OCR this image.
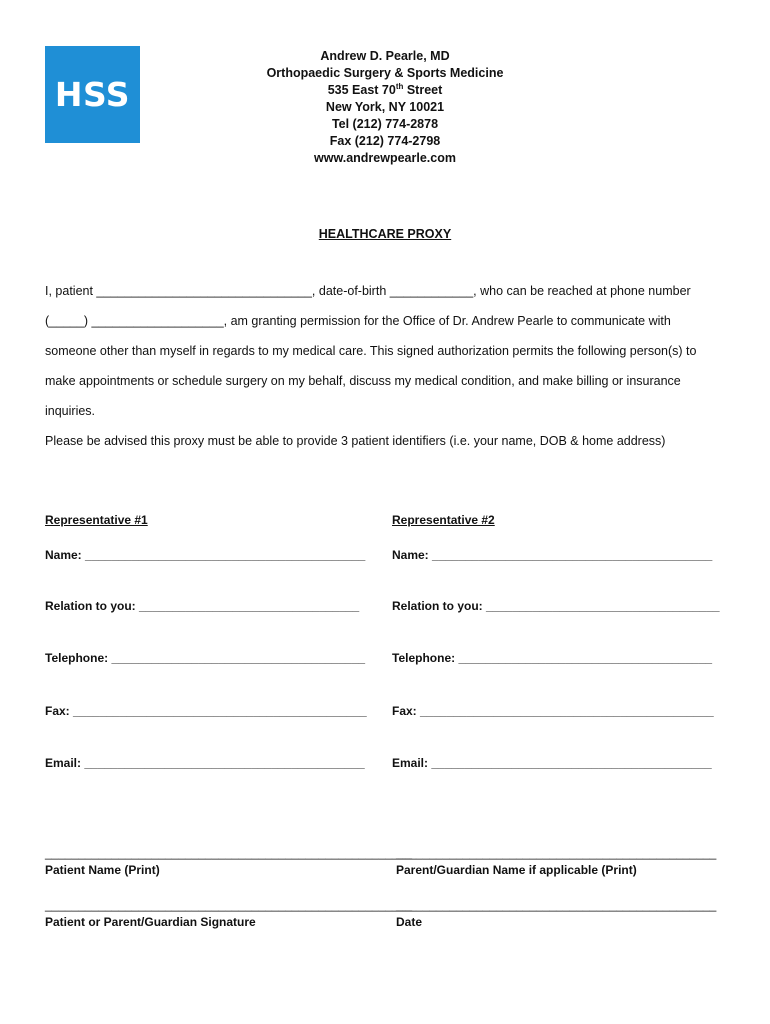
HSS
Andrew D. Pearle, MD
Orthopaedic Surgery & Sports Medicine
535 East 70th Street
New York, NY 10021
Tel (212) 774-2878
Fax (212) 774-2798
www.andrewpearle.com
HEALTHCARE PROXY
I, patient _______________________________, date-of-birth ____________, who can be reached at phone number
(_____) ___________________, am granting permission for the Office of Dr. Andrew Pearle to communicate with
someone other than myself in regards to my medical care. This signed authorization permits the following person(s) to
make appointments or schedule surgery on my behalf, discuss my medical condition, and make billing or insurance
inquiries.
Please be advised this proxy must be able to provide 3 patient identifiers (i.e. your name, DOB & home address)
Representative #1	Representative #2
Name: __________________________________________ Name: __________________________________________
Relation to you: _________________________________	Relation to you: ___________________________________
Telephone: ______________________________________ Telephone: ______________________________________
Fax: ____________________________________________ Fax: ____________________________________________
Email: __________________________________________ Email: __________________________________________
_______________________________________________________
________________________________________________
Patient Name (Print)	Parent/Guardian Name if applicable (Print)
_______________________________________________________
________________________________________________
Patient or Parent/Guardian Signature	Date
